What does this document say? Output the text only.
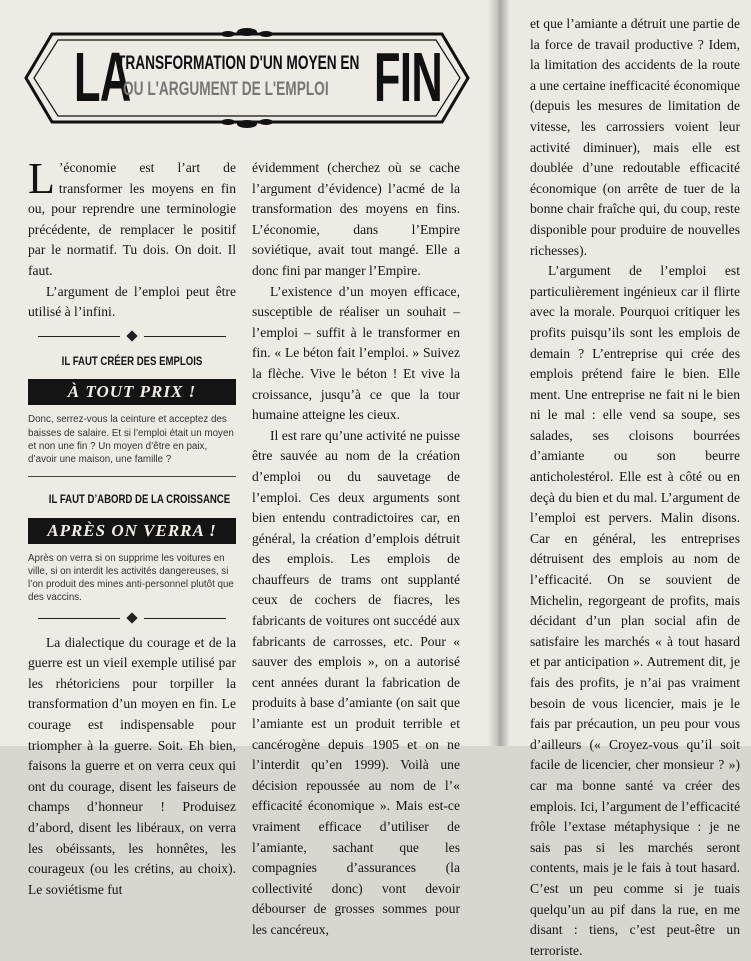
LA
TRANSFORMATION D'UN MOYEN EN
OU L'ARGUMENT DE L'EMPLOI FIN

L ’économie est l’art de transformer les moyens en fin ou, pour reprendre une terminologie précédente, de remplacer le positif par le normatif. Tu dois. On doit. Il faut.

L’argument de l’emploi peut être utilisé à l’infini.

IL FAUT CRÉER DES EMPLOIS
À TOUT PRIX !
Donc, serrez-vous la ceinture et acceptez des baisses de salaire. Et si l’emploi était un moyen et non une fin ? Un moyen d’être en paix, d’avoir une maison, une famille ?
IL FAUT D’ABORD DE LA CROISSANCE
APRÈS ON VERRA !
Après on verra si on supprime les voitures en ville, si on interdit les activités dangereuses, si l’on produit des mines anti-personnel plutôt que des vaccins.

La dialectique du courage et de la guerre est un vieil exemple utilisé par les rhétoriciens pour torpiller la transformation d’un moyen en fin. Le courage est indispensable pour triompher à la guerre. Soit. Eh bien, faisons la guerre et on verra ceux qui ont du courage, disent les faiseurs de champs d’honneur ! Produisez d’abord, disent les libéraux, on verra les obéissants, les honnêtes, les courageux (ou les crétins, au choix). Le soviétisme fut

évidemment (cherchez où se cache l’argument d’évidence) l’acmé de la transformation des moyens en fins. L’économie, dans l’Empire soviétique, avait tout mangé. Elle a donc fini par manger l’Empire.

L’existence d’un moyen efficace, susceptible de réaliser un souhait – l’emploi – suffit à le transformer en fin. « Le béton fait l’emploi. » Suivez la flèche. Vive le béton ! Et vive la croissance, jusqu’à ce que la tour humaine atteigne les cieux.

Il est rare qu’une activité ne puisse être sauvée au nom de la création d’emploi ou du sauvetage de l’emploi. Ces deux arguments sont bien entendu contradictoires car, en général, la création d’emplois détruit des emplois. Les emplois de chauffeurs de trams ont supplanté ceux de cochers de fiacres, les fabricants de voitures ont succédé aux fabricants de carrosses, etc. Pour « sauver des emplois », on a autorisé cent années durant la fabrication de produits à base d’amiante (on sait que l’amiante est un produit terrible et cancérogène depuis 1905 et on ne l’interdit qu’en 1999). Voilà une décision repoussée au nom de l’« efficacité économique ». Mais est-ce vraiment efficace d’utiliser de l’amiante, sachant que les compagnies d’assurances (la collectivité donc) vont devoir débourser de grosses sommes pour les cancéreux,

et que l’amiante a détruit une partie de la force de travail productive ? Idem, la limitation des accidents de la route a une certaine inefficacité économique (depuis les mesures de limitation de vitesse, les carrossiers voient leur activité diminuer), mais elle est doublée d’une redoutable efficacité économique (on arrête de tuer de la bonne chair fraîche qui, du coup, reste disponible pour produire de nouvelles richesses).

L’argument de l’emploi est particulièrement ingénieux car il flirte avec la morale. Pourquoi critiquer les profits puisqu’ils sont les emplois de demain ? L’entreprise qui crée des emplois prétend faire le bien. Elle ment. Une entreprise ne fait ni le bien ni le mal : elle vend sa soupe, ses salades, ses cloisons bourrées d’amiante ou son beurre anticholestérol. Elle est à côté ou en deçà du bien et du mal. L’argument de l’emploi est pervers. Malin disons. Car en général, les entreprises détruisent des emplois au nom de l’efficacité. On se souvient de Michelin, regorgeant de profits, mais décidant d’un plan social afin de satisfaire les marchés « à tout hasard et par anticipation ». Autrement dit, je fais des profits, je n’ai pas vraiment besoin de vous licencier, mais je le fais par précaution, un peu pour vous d’ailleurs (« Croyez-vous qu’il soit facile de licencier, cher monsieur ? ») car ma bonne santé va créer des emplois. Ici, l’argument de l’efficacité frôle l’extase métaphysique : je ne sais pas si les marchés seront contents, mais je le fais à tout hasard. C’est un peu comme si je tuais quelqu’un au pif dans la rue, en me disant : tiens, c’est peut-être un terroriste.
